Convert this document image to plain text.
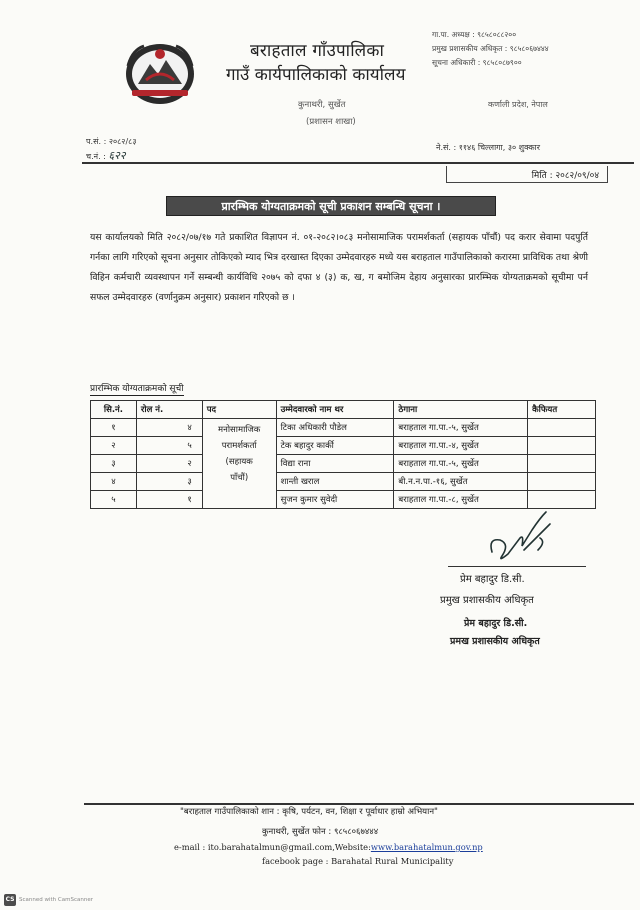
बराहताल गाँउपालिका
गाउँ कार्यपालिकाको कार्यालय
कुनाथरी, सुर्खेत
(प्रशासन शाखा)
गा.पा. अध्यक्ष : ९८५८०८८२००
प्रमुख प्रशासकीय अधिकृत : ९८५८०६७४४४
सूचना अधिकारी : ९८५८०८७९००
कर्णाली प्रदेश, नेपाल
प.सं. : २०८२/८३
च.नं. : ६२२
ने.सं. : ११४६ चिल्लागा, ३० शुक्कार
मिति : २०८२/०९/०४
प्रारम्भिक योग्यताक्रमको सूची प्रकाशन सम्बन्धि सूचना ।
यस कार्यालयको मिति २०८२/०७/१७ गते प्रकाशित विज्ञापन नं. ०१-२०८२।०८३ मनोसामाजिक परामर्शकर्ता (सहायक पाँचौं) पद करार सेवामा पदपुर्ति गर्नका लागि गरिएको सूचना अनुसार तोकिएको म्याद भित्र दरखास्त दिएका उम्मेदवारहरु मध्ये यस बराहताल गाउँपालिकाको करारमा प्राविधिक तथा श्रेणी विहिन कर्मचारी व्यवस्थापन गर्ने सम्बन्धी कार्यविधि २०७५ को दफा ४ (३) क, ख, ग बमोजिम देहाय अनुसारका प्रारम्भिक योग्यताक्रमको सूचीमा पर्न सफल उम्मेदवारहरु (वर्णानुक्रम अनुसार) प्रकाशन गरिएको छ ।
प्रारम्भिक योग्यताक्रमको सूची
सि.नं.	रोल नं.	पद	उम्मेदवारको नाम थर	ठेगाना	कैफियत
१	४	मनोसामाजिक
परामर्शकर्ता
(सहायक
पाँचौं)	टिका अधिकारी पौडेल	बराहताल गा.पा.-५, सुर्खेत	
२	५		टेक बहादुर कार्की	बराहताल गा.पा.-४, सुर्खेत	
३	२		विद्या राना	बराहताल गा.पा.-५, सुर्खेत	
४	३		शान्ती खराल	बी.न.न.पा.-१६, सुर्खेत	
५	१		सुजन कुमार सुवेदी	बराहताल गा.पा.-८, सुर्खेत	
प्रेम बहादुर डि.सी.
प्रमुख प्रशासकीय अधिकृत
प्रेम बहादुर डि.सी.
प्रमख प्रशासकीय अधिकृत
"बराहताल गाउँपालिकाको शान : कृषि, पर्यटन, वन, शिक्षा र पूर्वाधार हाम्रो अभियान"
कुनाथरी, सुर्खेत फोन : ९८५८०६७४४४
e-mail : ito.barahatalmun@gmail.com,Website:www.barahatalmun.gov.np
facebook page : Barahatal Rural Municipality
CS Scanned with CamScanner
